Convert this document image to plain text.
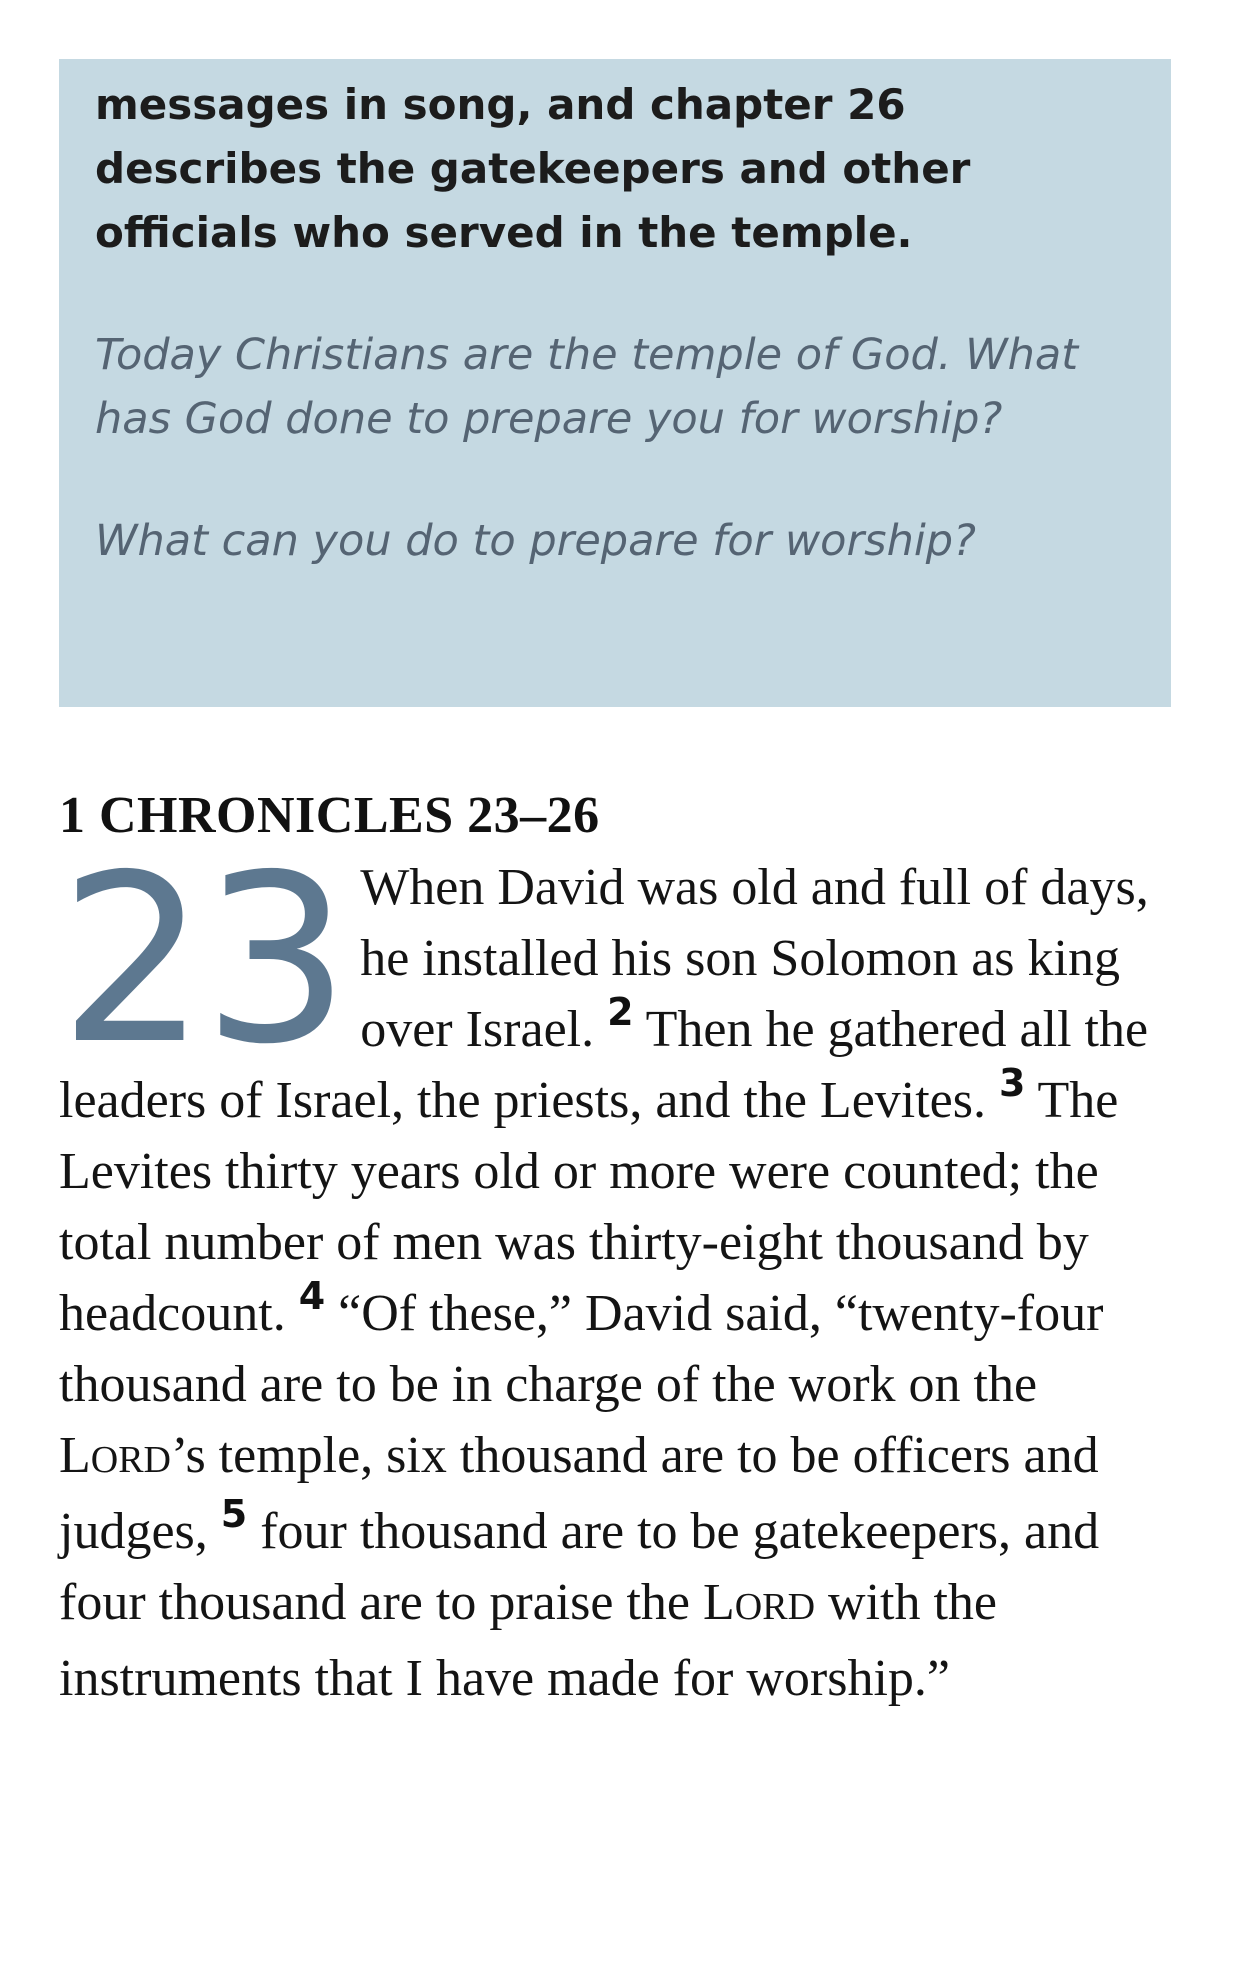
messages in song, and chapter 26 describes the gatekeepers and other officials who served in the temple.

Today Christians are the temple of God. What has God done to prepare you for worship?

What can you do to prepare for worship?

1 CHRONICLES 23–26

23 When David was old and full of days, he installed his son Solomon as king over Israel. $^2$ Then he gathered all the leaders of Israel, the priests, and the Levites. $^3$ The Levites thirty years old or more were counted; the total number of men was thirty-eight thousand by headcount. $^4$ “Of these,” David said, “twenty-four thousand are to be in charge of the work on the LORD’s temple, six thousand are to be officers and judges, $^5$ four thousand are to be gatekeepers, and four thousand are to praise the LORD with the instruments that I have made for worship.”
